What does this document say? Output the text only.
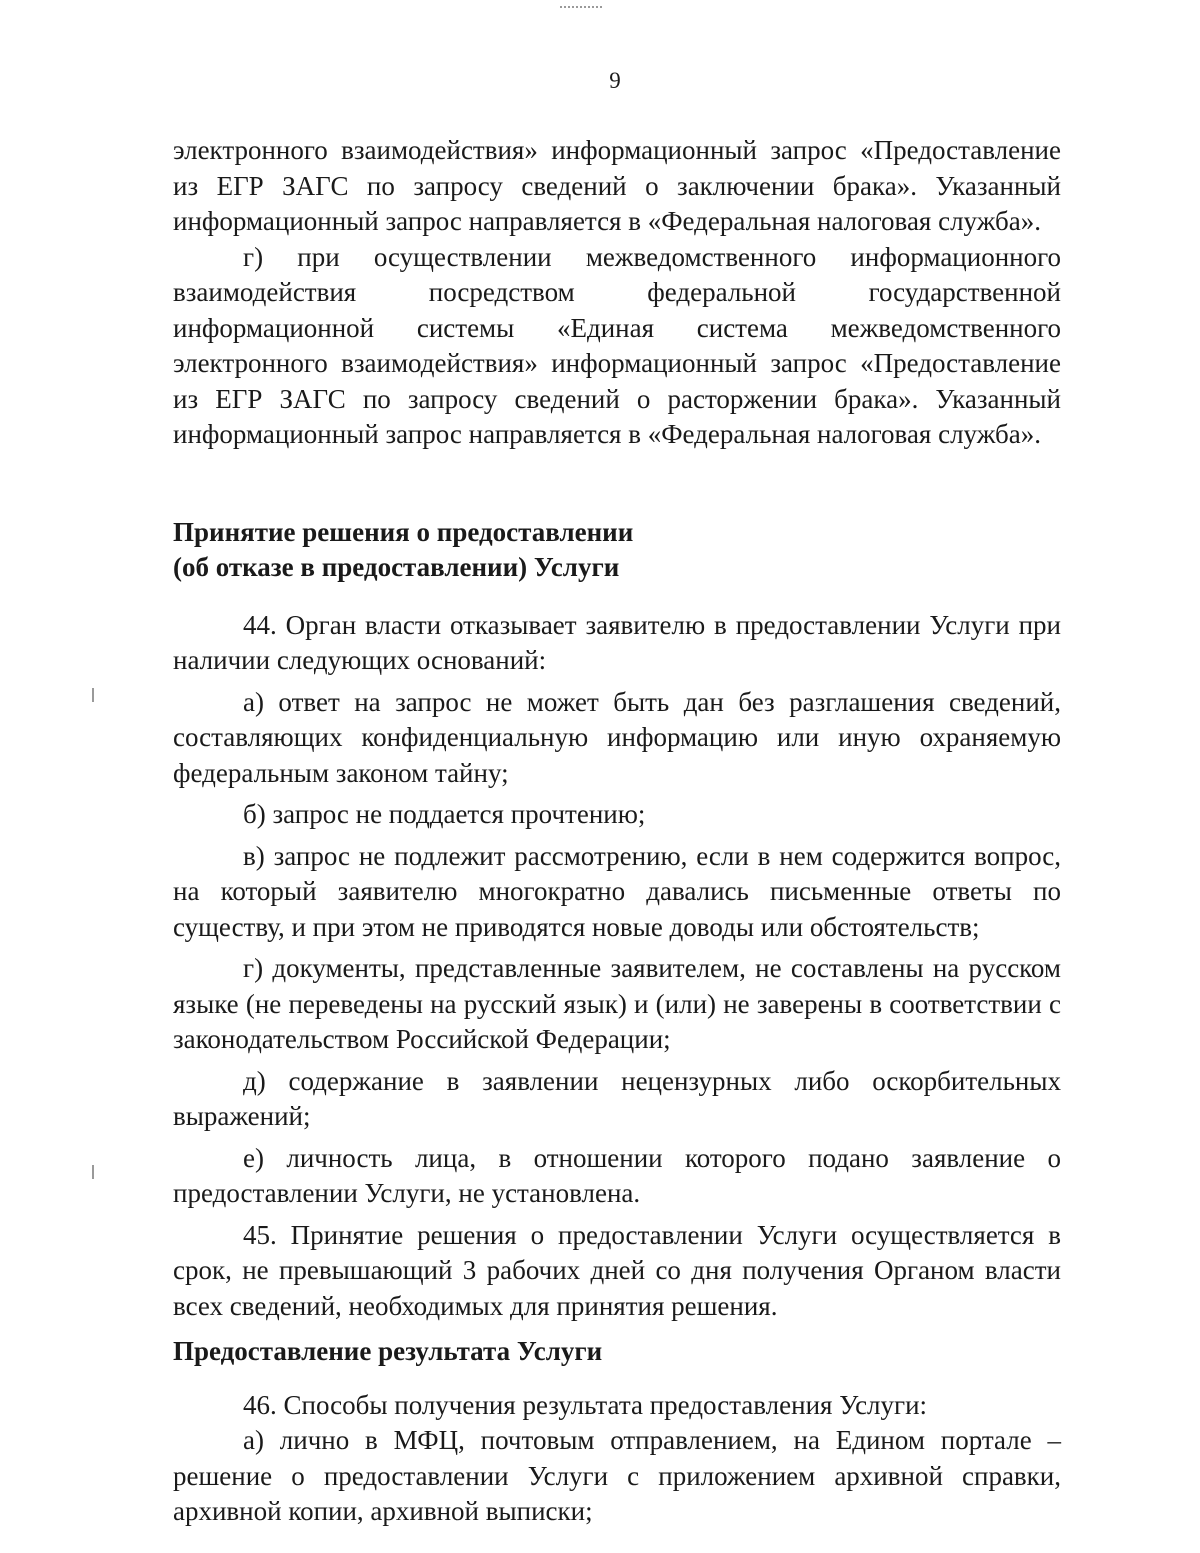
9

электронного взаимодействия» информационный запрос «Предоставление из ЕГР ЗАГС по запросу сведений о заключении брака». Указанный информационный запрос направляется в «Федеральная налоговая служба».

г) при осуществлении межведомственного информационного взаимодействия посредством федеральной государственной информационной системы «Единая система межведомственного электронного взаимодействия» информационный запрос «Предоставление из ЕГР ЗАГС по запросу сведений о расторжении брака». Указанный информационный запрос направляется в «Федеральная налоговая служба».

Принятие решения о предоставлении
(об отказе в предоставлении) Услуги

44. Орган власти отказывает заявителю в предоставлении Услуги при наличии следующих оснований:

а) ответ на запрос не может быть дан без разглашения сведений, составляющих конфиденциальную информацию или иную охраняемую федеральным законом тайну;

б) запрос не поддается прочтению;

в) запрос не подлежит рассмотрению, если в нем содержится вопрос, на который заявителю многократно давались письменные ответы по существу, и при этом не приводятся новые доводы или обстоятельств;

г) документы, представленные заявителем, не составлены на русском языке (не переведены на русский язык) и (или) не заверены в соответствии с законодательством Российской Федерации;

д) содержание в заявлении нецензурных либо оскорбительных выражений;

е) личность лица, в отношении которого подано заявление о предоставлении Услуги, не установлена.

45. Принятие решения о предоставлении Услуги осуществляется в срок, не превышающий 3 рабочих дней со дня получения Органом власти всех сведений, необходимых для принятия решения.

Предоставление результата Услуги

46. Способы получения результата предоставления Услуги:

а) лично в МФЦ, почтовым отправлением, на Едином портале – решение о предоставлении Услуги с приложением архивной справки, архивной копии, архивной выписки;
